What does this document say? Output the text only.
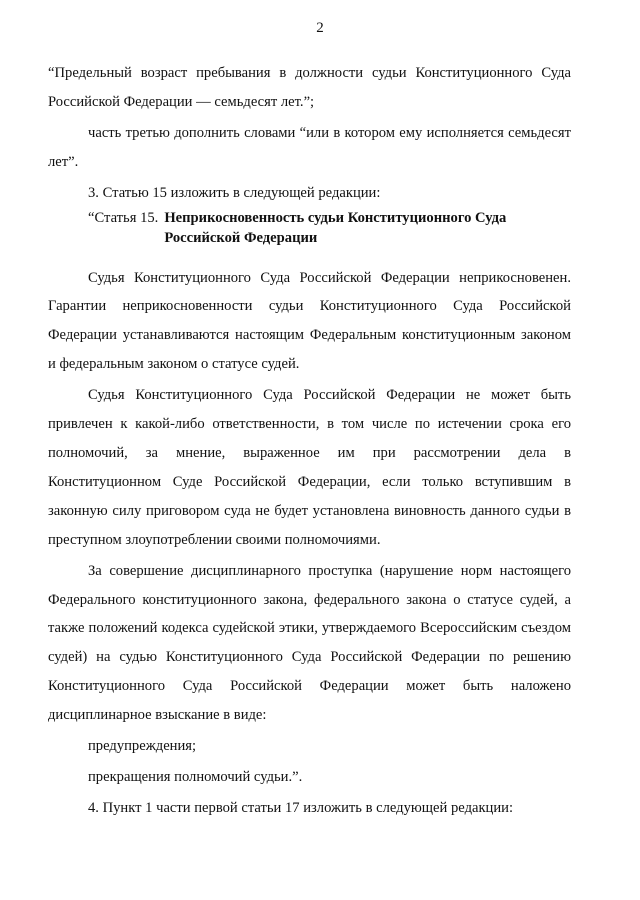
2

“Предельный возраст пребывания в должности судьи Конституционного Суда Российской Федерации — семьдесят лет.”;

часть третью дополнить словами “или в котором ему исполняется семьдесят лет”.

3. Статью 15 изложить в следующей редакции:

“Статья 15. Неприкосновенность судьи Конституционного Суда Российской Федерации

Судья Конституционного Суда Российской Федерации неприкосновенен. Гарантии неприкосновенности судьи Конституционного Суда Российской Федерации устанавливаются настоящим Федеральным конституционным законом и федеральным законом о статусе судей.

Судья Конституционного Суда Российской Федерации не может быть привлечен к какой-либо ответственности, в том числе по истечении срока его полномочий, за мнение, выраженное им при рассмотрении дела в Конституционном Суде Российской Федерации, если только вступившим в законную силу приговором суда не будет установлена виновность данного судьи в преступном злоупотреблении своими полномочиями.

За совершение дисциплинарного проступка (нарушение норм настоящего Федерального конституционного закона, федерального закона о статусе судей, а также положений кодекса судейской этики, утверждаемого Всероссийским съездом судей) на судью Конституционного Суда Российской Федерации по решению Конституционного Суда Российской Федерации может быть наложено дисциплинарное взыскание в виде:

предупреждения;

прекращения полномочий судьи.”.

4. Пункт 1 части первой статьи 17 изложить в следующей редакции:
